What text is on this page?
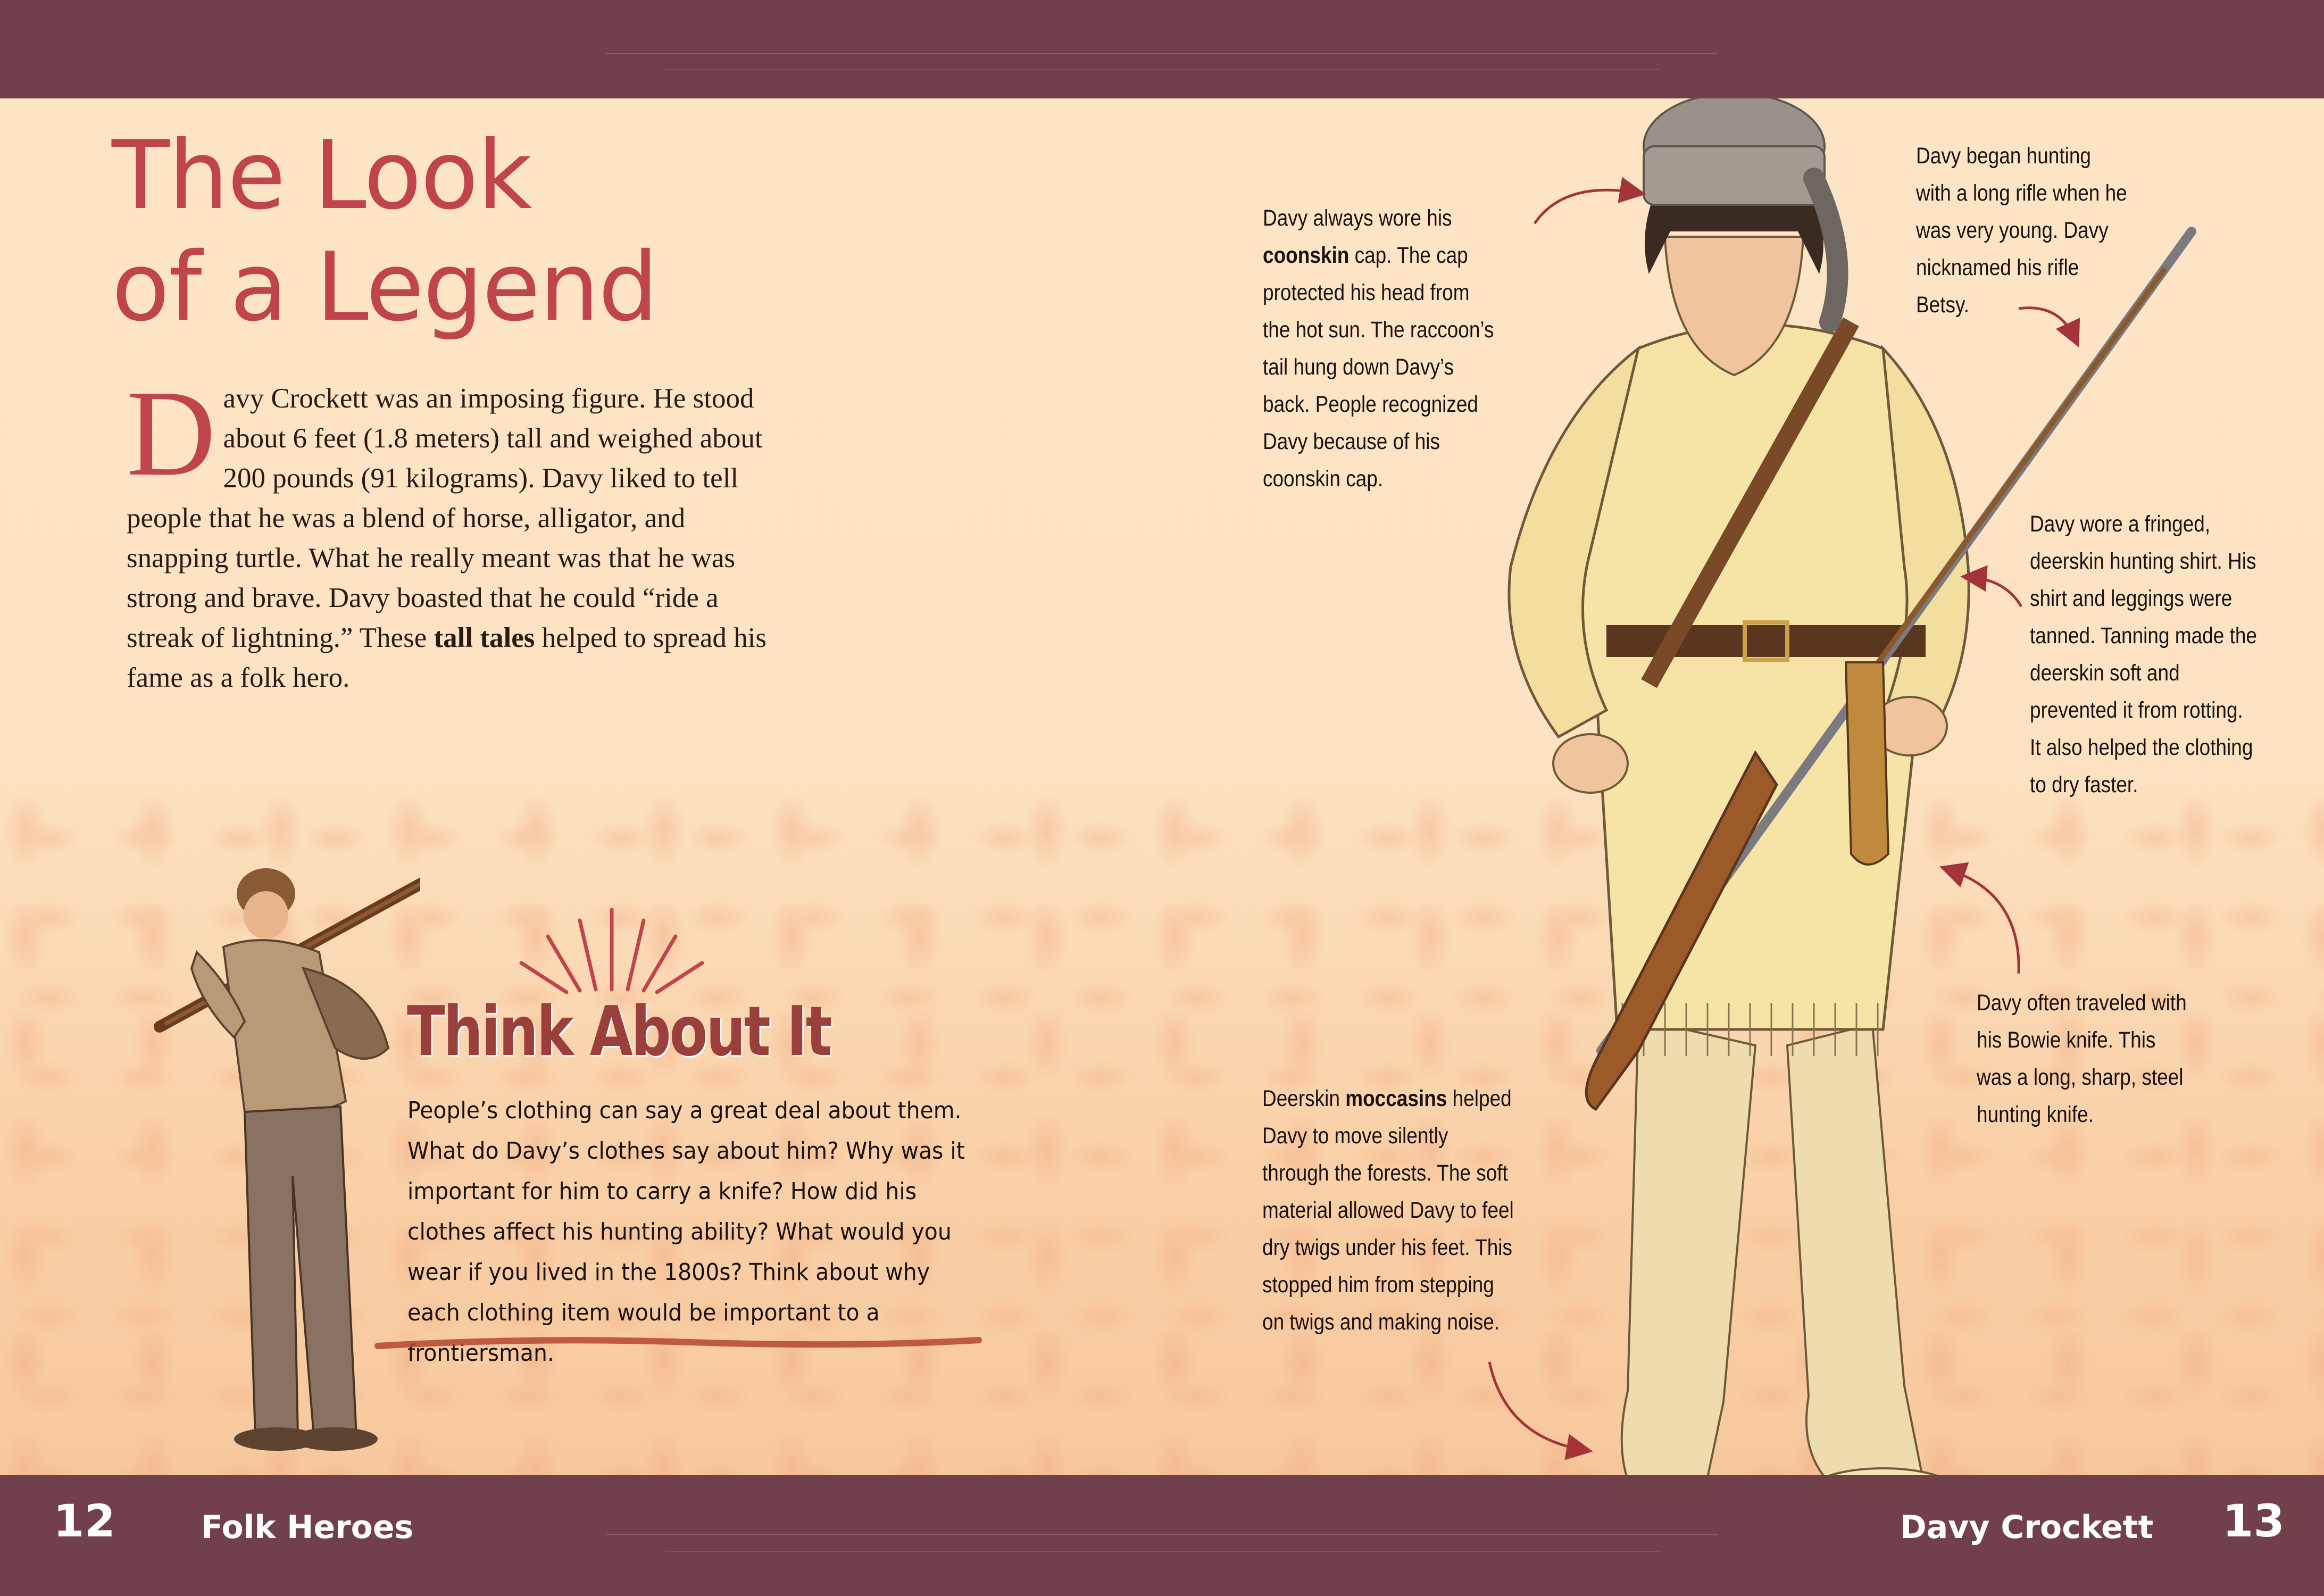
The Look
of a Legend

Davy Crockett was an imposing figure. He stood about 6 feet (1.8 meters) tall and weighed about 200 pounds (91 kilograms). Davy liked to tell people that he was a blend of horse, alligator, and snapping turtle. What he really meant was that he was strong and brave. Davy boasted that he could “ride a streak of lightning.” These tall tales helped to spread his fame as a folk hero.

Think About It

People’s clothing can say a great deal about them. What do Davy’s clothes say about him? Why was it important for him to carry a knife? How did his clothes affect his hunting ability? What would you wear if you lived in the 1800s? Think about why each clothing item would be important to a frontiersman.

Davy always wore his coonskin cap. The cap protected his head from the hot sun. The raccoon’s tail hung down Davy’s back. People recognized Davy because of his coonskin cap.
Davy began hunting with a long rifle when he was very young. Davy nicknamed his rifle Betsy.
Davy wore a fringed, deerskin hunting shirt. His shirt and leggings were tanned. Tanning made the deerskin soft and prevented it from rotting. It also helped the clothing to dry faster.
Davy often traveled with his Bowie knife. This was a long, sharp, steel hunting knife.
Deerskin moccasins helped Davy to move silently through the forests. The soft material allowed Davy to feel dry twigs under his feet. This stopped him from stepping on twigs and making noise.
12	Folk Heroes	Davy Crockett 13
